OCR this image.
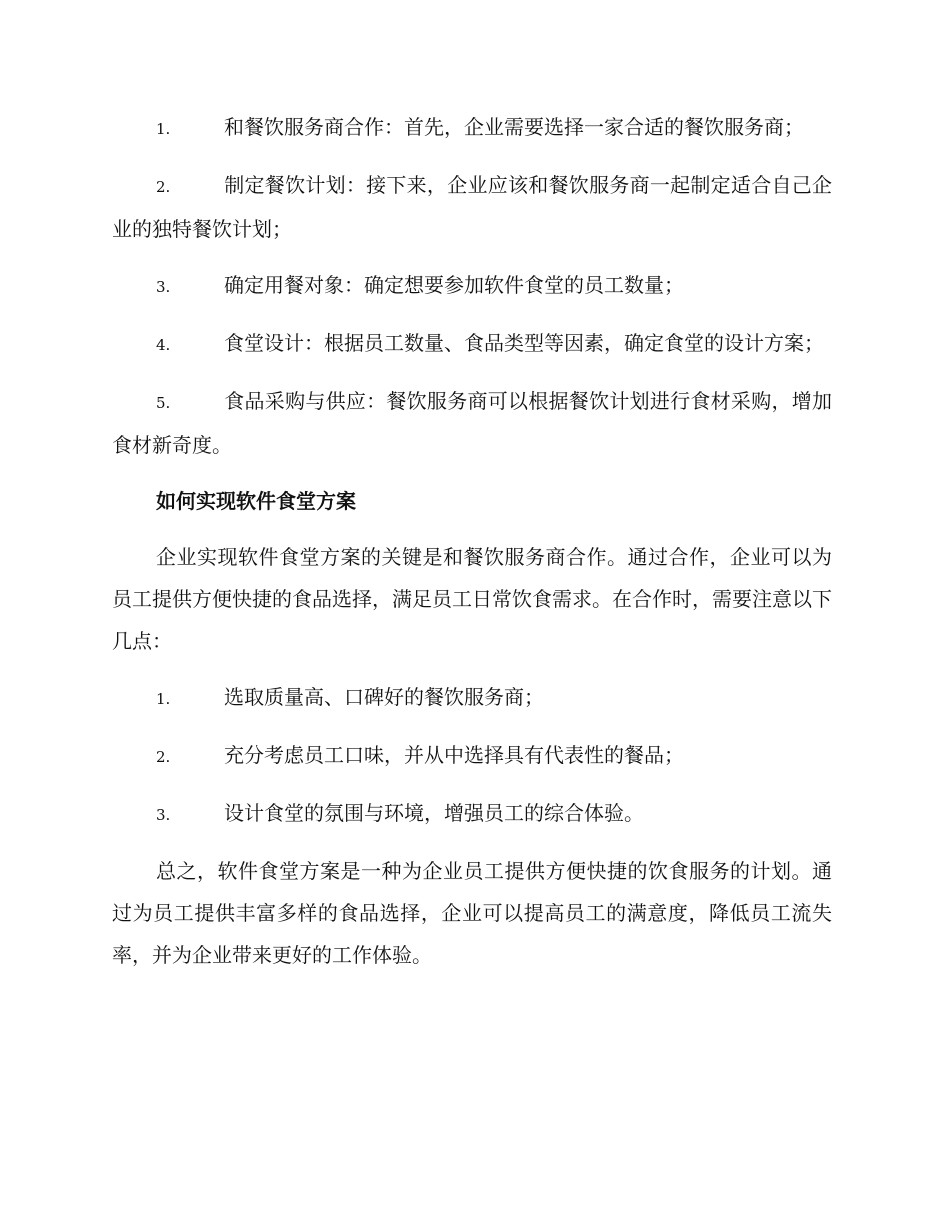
1.	和餐饮服务商合作：首先，企业需要选择一家合适的餐饮服务商；

2.	制定餐饮计划：接下来，企业应该和餐饮服务商一起制定适合自己企业的独特餐饮计划；

3.	确定用餐对象：确定想要参加软件食堂的员工数量；

4.	食堂设计：根据员工数量、食品类型等因素，确定食堂的设计方案；

5.	食品采购与供应：餐饮服务商可以根据餐饮计划进行食材采购，增加食材新奇度。

如何实现软件食堂方案

企业实现软件食堂方案的关键是和餐饮服务商合作。通过合作，企业可以为员工提供方便快捷的食品选择，满足员工日常饮食需求。在合作时，需要注意以下几点：

1.	选取质量高、口碑好的餐饮服务商；

2.	充分考虑员工口味，并从中选择具有代表性的餐品；

3.	设计食堂的氛围与环境，增强员工的综合体验。

总之，软件食堂方案是一种为企业员工提供方便快捷的饮食服务的计划。通过为员工提供丰富多样的食品选择，企业可以提高员工的满意度，降低员工流失率，并为企业带来更好的工作体验。
